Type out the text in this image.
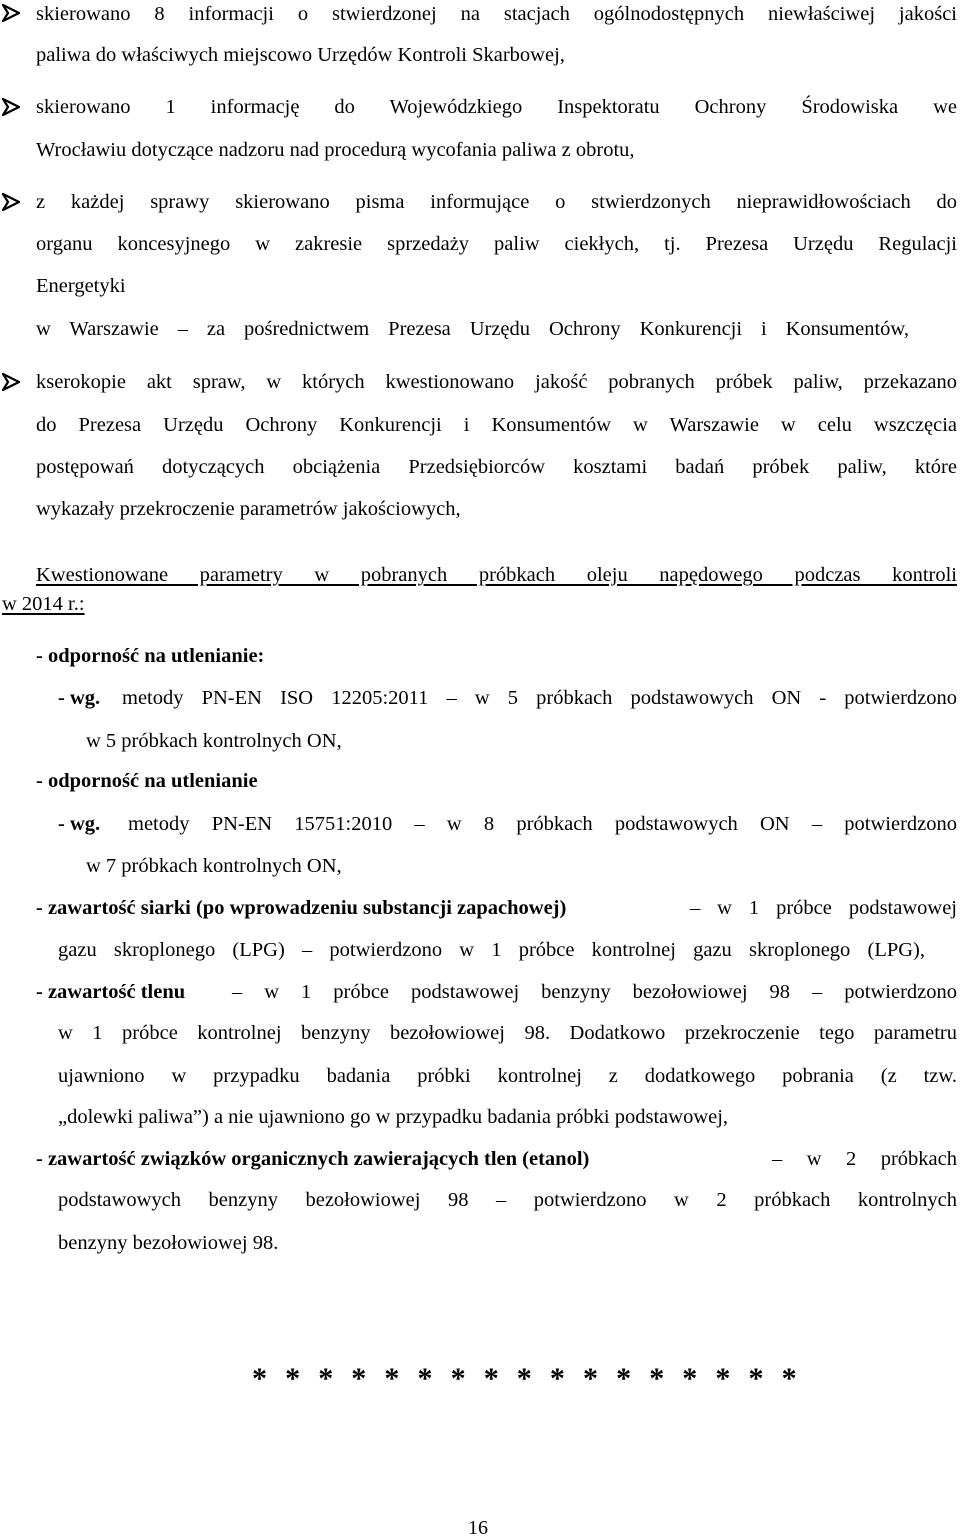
skierowano 8 informacji o stwierdzonej na stacjach ogólnodostępnych niewłaściwej jakości
paliwa do właściwych miejscowo Urzędów Kontroli Skarbowej,
skierowano 1 informację do Wojewódzkiego Inspektoratu Ochrony Środowiska we
Wrocławiu dotyczące nadzoru nad procedurą wycofania paliwa z obrotu,
z każdej sprawy skierowano pisma informujące o stwierdzonych nieprawidłowościach do
organu koncesyjnego w zakresie sprzedaży paliw ciekłych, tj. Prezesa Urzędu Regulacji
Energetyki
w Warszawie – za pośrednictwem Prezesa Urzędu Ochrony Konkurencji i Konsumentów,
kserokopie akt spraw, w których kwestionowano jakość pobranych próbek paliw, przekazano
do Prezesa Urzędu Ochrony Konkurencji i Konsumentów w Warszawie w celu wszczęcia
postępowań dotyczących obciążenia Przedsiębiorców kosztami badań próbek paliw, które
wykazały przekroczenie parametrów jakościowych,
Kwestionowane parametry w pobranych próbkach oleju napędowego podczas kontroli
w 2014 r.:
- odporność na utlenianie:
- wg. metody PN-EN ISO 12205:2011 – w 5 próbkach podstawowych ON - potwierdzono
w 5 próbkach kontrolnych ON,
- odporność na utlenianie
- wg. metody PN-EN 15751:2010 – w 8 próbkach podstawowych ON – potwierdzono
w 7 próbkach kontrolnych ON,
- zawartość siarki (po wprowadzeniu substancji zapachowej)	– w 1 próbce podstawowej
gazu skroplonego (LPG) – potwierdzono w 1 próbce kontrolnej gazu skroplonego (LPG),
- zawartość tlenu – w 1 próbce podstawowej benzyny bezołowiowej 98 – potwierdzono
w 1 próbce kontrolnej benzyny bezołowiowej 98. Dodatkowo przekroczenie tego parametru
ujawniono w przypadku badania próbki kontrolnej z dodatkowego pobrania (z tzw.
„dolewki paliwa”) a nie ujawniono go w przypadku badania próbki podstawowej,
- zawartość związków organicznych zawierających tlen (etanol)	– w 2 próbkach
podstawowych benzyny bezołowiowej 98 – potwierdzono w 2 próbkach kontrolnych
benzyny bezołowiowej 98.
* * * * * * * * * * * * * * * * *
16
